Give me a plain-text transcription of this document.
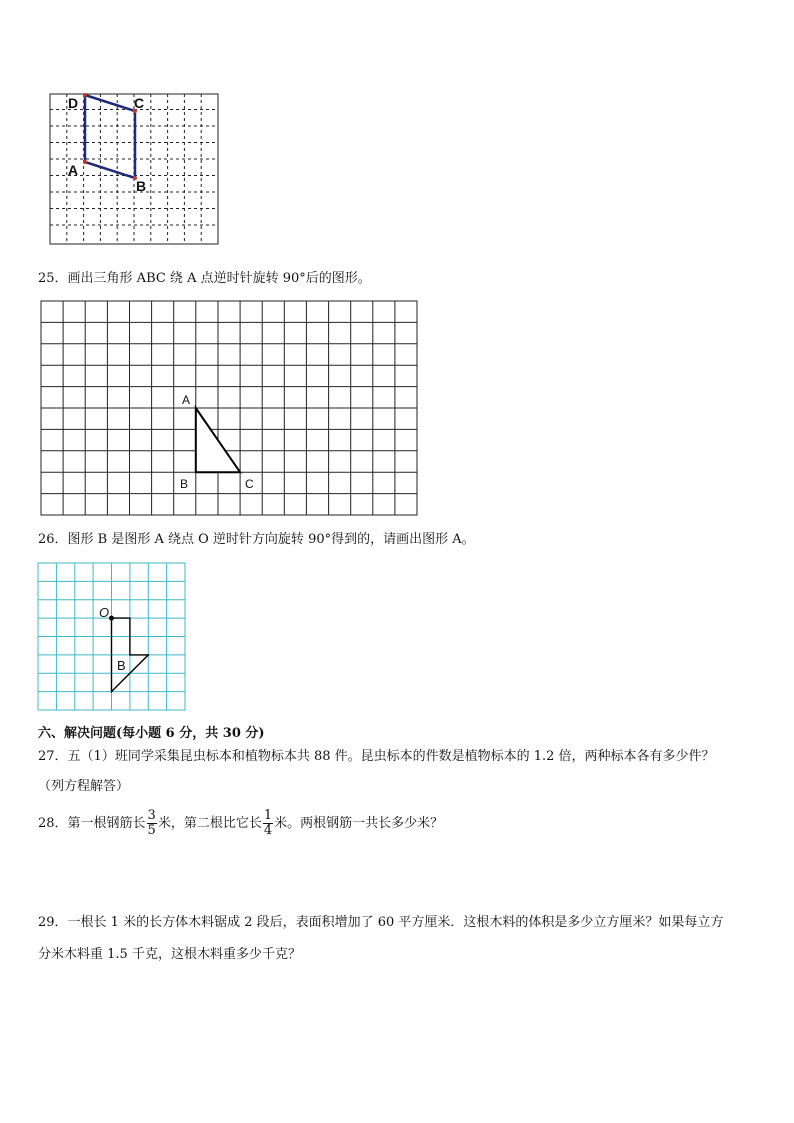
D	C
A
B
25．画出三角形 ABC 绕 A 点逆时针旋转 90°后的图形。
A
B	C
26．图形 B 是图形 A 绕点 O 逆时针方向旋转 90°得到的，请画出图形 A。
O
B
六、解决问题(每小题 6 分，共 30 分)
27．五（1）班同学采集昆虫标本和植物标本共 88 件。昆虫标本的件数是植物标本的 1.2 倍，两种标本各有多少件？
（列方程解答）
28．第一根钢筋长 $\frac{3}{5}$ 米，第二根比它长 $\frac{1}{4}$ 米。两根钢筋一共长多少米？
29．一根长 1 米的长方体木料锯成 2 段后，表面积增加了 60 平方厘米．这根木料的体积是多少立方厘米？如果每立方
分米木料重 1.5 千克，这根木料重多少千克？
